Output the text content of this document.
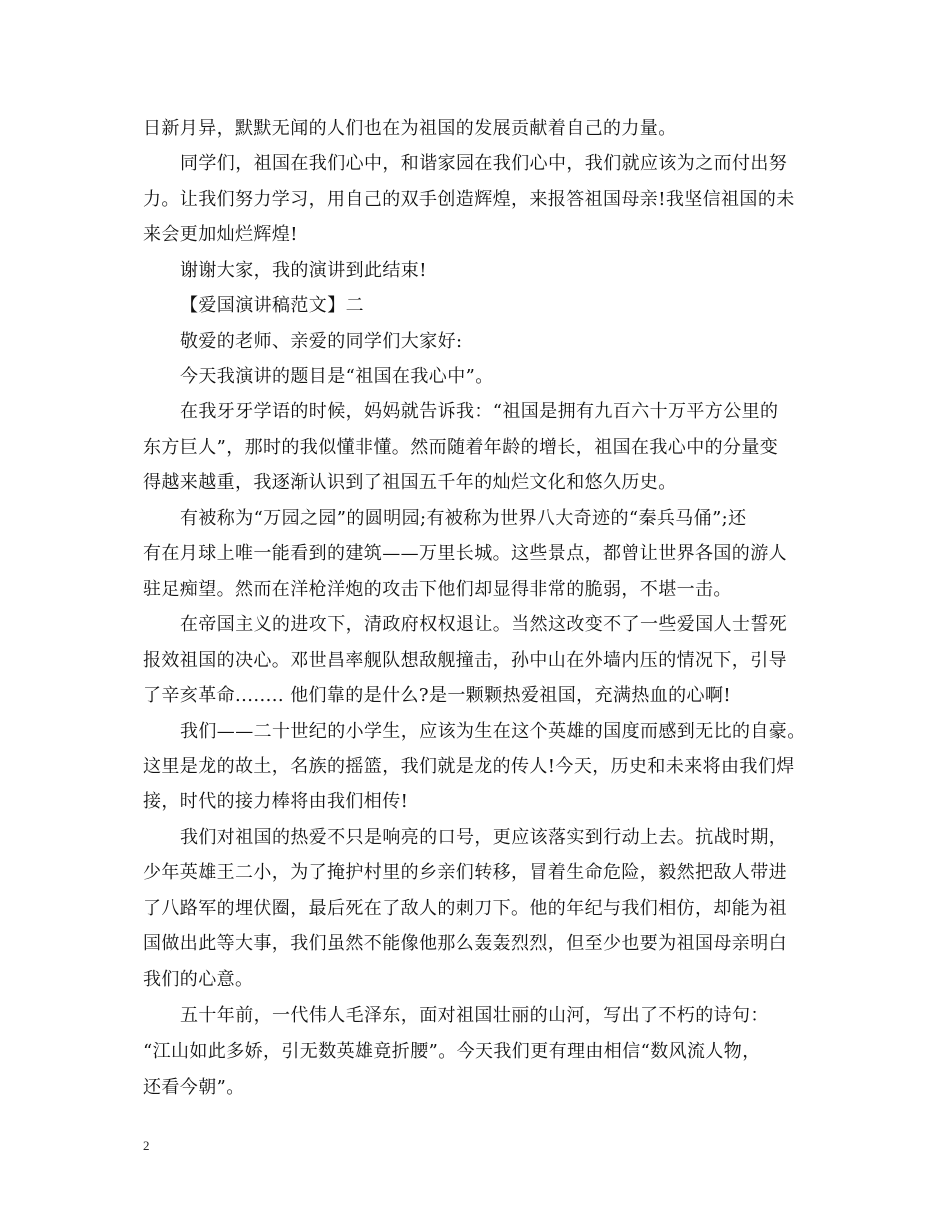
日新月异，默默无闻的人们也在为祖国的发展贡献着自己的力量。
同学们，祖国在我们心中，和谐家园在我们心中，我们就应该为之而付出努
力。让我们努力学习，用自己的双手创造辉煌，来报答祖国母亲!我坚信祖国的未
来会更加灿烂辉煌!
谢谢大家，我的演讲到此结束!
【爱国演讲稿范文】二
敬爱的老师、亲爱的同学们大家好:
今天我演讲的题目是“祖国在我心中”。
在我牙牙学语的时候，妈妈就告诉我：“祖国是拥有九百六十万平方公里的
东方巨人”，那时的我似懂非懂。然而随着年龄的增长，祖国在我心中的分量变
得越来越重，我逐渐认识到了祖国五千年的灿烂文化和悠久历史。
有被称为“万园之园”的圆明园;有被称为世界八大奇迹的“秦兵马俑”;还
有在月球上唯一能看到的建筑——万里长城。这些景点，都曾让世界各国的游人
驻足痴望。然而在洋枪洋炮的攻击下他们却显得非常的脆弱，不堪一击。
在帝国主义的进攻下，清政府权权退让。当然这改变不了一些爱国人士誓死
报效祖国的决心。邓世昌率舰队想敌舰撞击，孙中山在外墙内压的情况下，引导
了辛亥革命........ 他们靠的是什么?是一颗颗热爱祖国，充满热血的心啊!
我们——二十世纪的小学生，应该为生在这个英雄的国度而感到无比的自豪。
这里是龙的故土，名族的摇篮，我们就是龙的传人!今天，历史和未来将由我们焊
接，时代的接力棒将由我们相传!
我们对祖国的热爱不只是响亮的口号，更应该落实到行动上去。抗战时期，
少年英雄王二小，为了掩护村里的乡亲们转移，冒着生命危险，毅然把敌人带进
了八路军的埋伏圈，最后死在了敌人的刺刀下。他的年纪与我们相仿，却能为祖
国做出此等大事，我们虽然不能像他那么轰轰烈烈，但至少也要为祖国母亲明白
我们的心意。
五十年前，一代伟人毛泽东，面对祖国壮丽的山河，写出了不朽的诗句：
“江山如此多娇，引无数英雄竟折腰”。今天我们更有理由相信“数风流人物，
还看今朝”。
2
